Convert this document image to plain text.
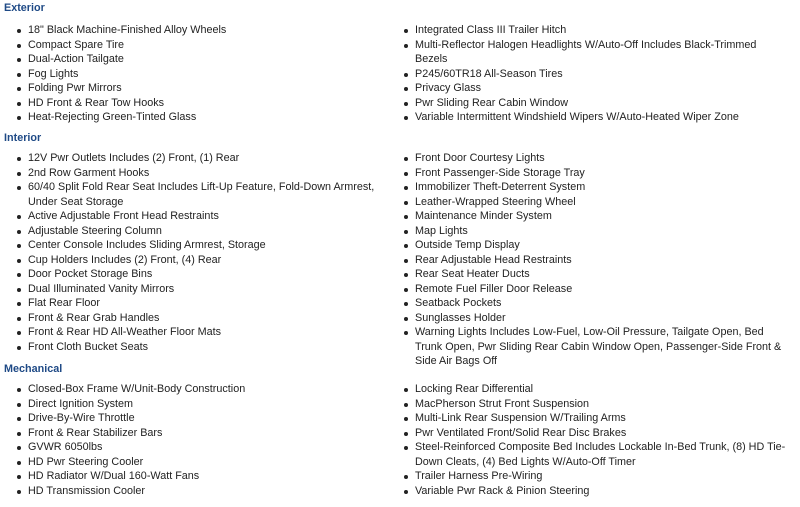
Exterior
18" Black Machine-Finished Alloy Wheels
Compact Spare Tire
Dual-Action Tailgate
Fog Lights
Folding Pwr Mirrors
HD Front & Rear Tow Hooks
Heat-Rejecting Green-Tinted Glass
Integrated Class III Trailer Hitch
Multi-Reflector Halogen Headlights W/Auto-Off Includes Black-Trimmed Bezels
P245/60TR18 All-Season Tires
Privacy Glass
Pwr Sliding Rear Cabin Window
Variable Intermittent Windshield Wipers W/Auto-Heated Wiper Zone
Interior
12V Pwr Outlets Includes (2) Front, (1) Rear
2nd Row Garment Hooks
60/40 Split Fold Rear Seat Includes Lift-Up Feature, Fold-Down Armrest, Under Seat Storage
Active Adjustable Front Head Restraints
Adjustable Steering Column
Center Console Includes Sliding Armrest, Storage
Cup Holders Includes (2) Front, (4) Rear
Door Pocket Storage Bins
Dual Illuminated Vanity Mirrors
Flat Rear Floor
Front & Rear Grab Handles
Front & Rear HD All-Weather Floor Mats
Front Cloth Bucket Seats
Front Door Courtesy Lights
Front Passenger-Side Storage Tray
Immobilizer Theft-Deterrent System
Leather-Wrapped Steering Wheel
Maintenance Minder System
Map Lights
Outside Temp Display
Rear Adjustable Head Restraints
Rear Seat Heater Ducts
Remote Fuel Filler Door Release
Seatback Pockets
Sunglasses Holder
Warning Lights Includes Low-Fuel, Low-Oil Pressure, Tailgate Open, Bed Trunk Open, Pwr Sliding Rear Cabin Window Open, Passenger-Side Front & Side Air Bags Off
Mechanical
Closed-Box Frame W/Unit-Body Construction
Direct Ignition System
Drive-By-Wire Throttle
Front & Rear Stabilizer Bars
GVWR 6050lbs
HD Pwr Steering Cooler
HD Radiator W/Dual 160-Watt Fans
HD Transmission Cooler
Locking Rear Differential
MacPherson Strut Front Suspension
Multi-Link Rear Suspension W/Trailing Arms
Pwr Ventilated Front/Solid Rear Disc Brakes
Steel-Reinforced Composite Bed Includes Lockable In-Bed Trunk, (8) HD Tie-Down Cleats, (4) Bed Lights W/Auto-Off Timer
Trailer Harness Pre-Wiring
Variable Pwr Rack & Pinion Steering
